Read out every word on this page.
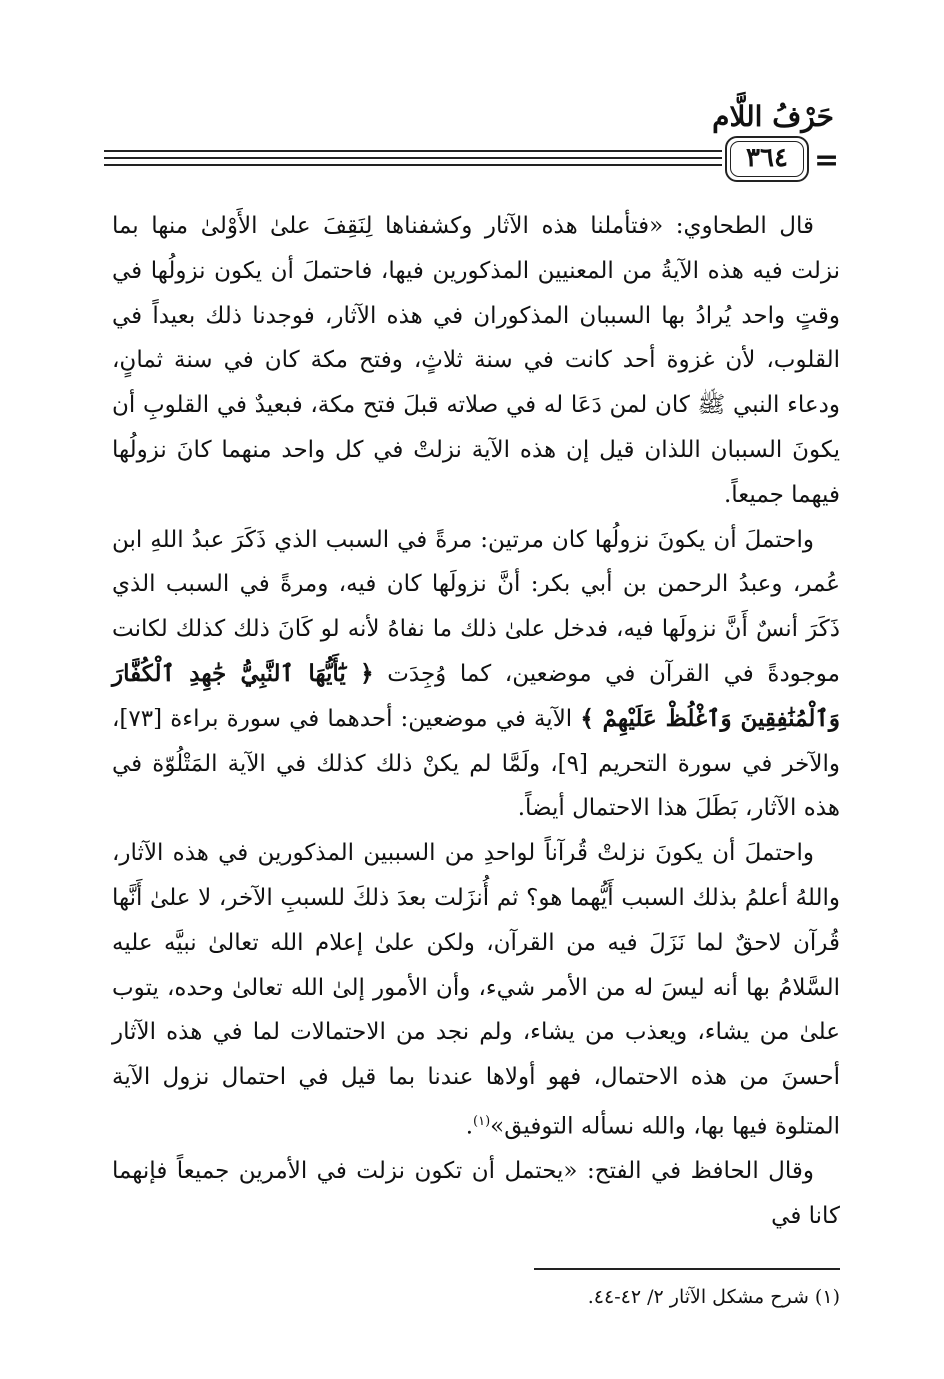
حَرْفُ اللَّام
٣٦٤ =

قال الطحاوي: «فتأملنا هذه الآثار وكشفناها لِنَقِفَ علىٰ الأَوْلىٰ منها بما نزلت فيه هذه الآيةُ من المعنيين المذكورين فيها، فاحتملَ أن يكون نزولُها في وقتٍ واحد يُرادُ بها السببان المذكوران في هذه الآثار، فوجدنا ذلك بعيداً في القلوب، لأن غزوة أحد كانت في سنة ثلاثٍ، وفتح مكة كان في سنة ثمانٍ، ودعاء النبي ﷺ كان لمن دَعَا له في صلاته قبلَ فتح مكة، فبعيدٌ في القلوبِ أن يكونَ السببان اللذان قيل إن هذه الآية نزلتْ في كل واحد منهما كانَ نزولُها فيهما جميعاً.

واحتملَ أن يكونَ نزولُها كان مرتين: مرةً في السبب الذي ذَكَرَ عبدُ اللهِ ابن عُمر، وعبدُ الرحمن بن أبي بكر: أنَّ نزولَها كان فيه، ومرةً في السبب الذي ذَكَرَ أنسٌ أَنَّ نزولَها فيه، فدخل علىٰ ذلك ما نفاهُ لأنه لو كَانَ ذلك كذلك لكانت موجودةً في القرآن في موضعين، كما وُجِدَت ﴿ يَٰٓأَيُّهَا ٱلنَّبِيُّ جَٰهِدِ ٱلْكُفَّارَ وَٱلْمُنَٰفِقِينَ وَٱغْلُظْ عَلَيْهِمْ ﴾ الآية في موضعين: أحدهما في سورة براءة [٧٣]، والآخر في سورة التحريم [٩]، ولَمَّا لم يكنْ ذلك كذلك في الآية المَتْلُوّة في هذه الآثار، بَطَلَ هذا الاحتمال أيضاً.

واحتملَ أن يكونَ نزلتْ قُرآناً لواحدِ من السببين المذكورين في هذه الآثار، واللهُ أعلمُ بذلك السبب أَيُّهما هو؟ ثم أُنزَلت بعدَ ذلكَ للسببِ الآخر، لا علىٰ أَنَّها قُرآن لاحقٌ لما نَزَلَ فيه من القرآن، ولكن علىٰ إعلام الله تعالىٰ نبيَّه عليه السَّلامُ بها أنه ليسَ له من الأمر شيء، وأن الأمور إلىٰ الله تعالىٰ وحده، يتوب علىٰ من يشاء، ويعذب من يشاء، ولم نجد من الاحتمالات لما في هذه الآثار أحسنَ من هذه الاحتمال، فهو أولاها عندنا بما قيل في احتمال نزول الآية المتلوة فيها بها، والله نسأله التوفيق»$^{(١)}$.

وقال الحافظ في الفتح: «يحتمل أن تكون نزلت في الأمرين جميعاً فإنهما كانا في

(١) شرح مشكل الآثار ٢/ ٤٢-٤٤.
